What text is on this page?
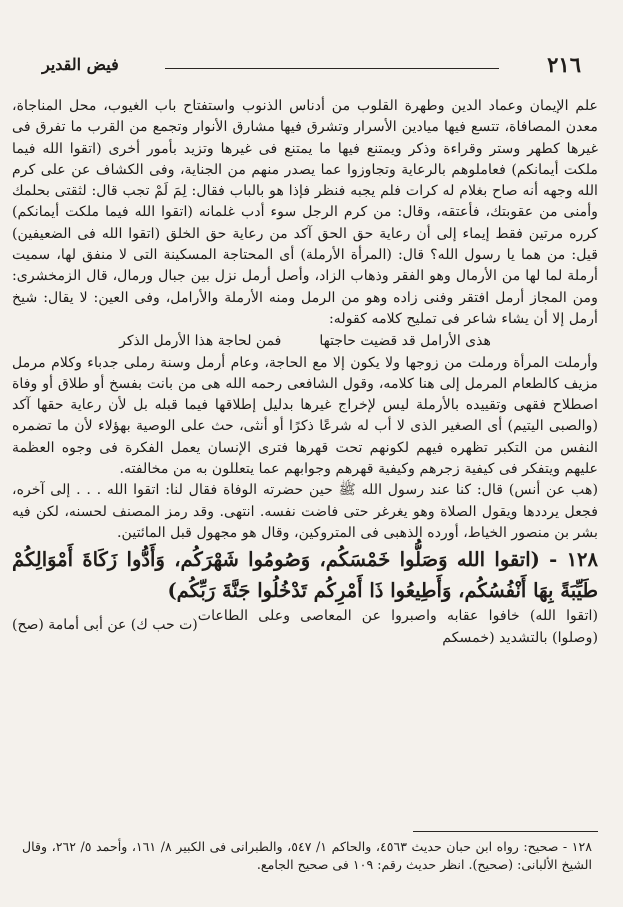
٢١٦
فيض القدير

علم الإيمان وعماد الدين وطهرة القلوب من أدناس الذنوب واستفتاح باب الغيوب، محل المناجاة، معدن المصافاة، تتسع فيها ميادين الأسرار وتشرق فيها مشارق الأنوار وتجمع من القرب ما تفرق فى غيرها كطهر وستر وقراءة وذكر ويمتنع فيها ما يمتنع فى غيرها وتزيد بأمور أخرى (اتقوا الله فيما ملكت أيمانكم) فعاملوهم بالرعاية وتجاوزوا عما يصدر منهم من الجناية، وفى الكشاف عن على كرم الله وجهه أنه صاح بغلام له كرات فلم يجبه فنظر فإذا هو بالباب فقال: لِمَ لَمْ تجب قال: لثقتى بحلمك وأمنى من عقوبتك، فأعتقه، وقال: من كرم الرجل سوء أدب غلمانه (اتقوا الله فيما ملكت أيمانكم) كرره مرتين فقط إيماء إلى أن رعاية حق الحق آكد من رعاية حق الخلق (اتقوا الله فى الضعيفين) قيل: من هما يا رسول الله؟ قال: (المرأة الأرملة) أى المحتاجة المسكينة التى لا منفق لها، سميت أرملة لما لها من الأرمال وهو الفقر وذهاب الزاد، وأصل أرمل نزل بين جبال ورمال، قال الزمخشرى: ومن المجاز أرمل افتقر وفنى زاده وهو من الرمل ومنه الأرملة والأرامل، وفى العين: لا يقال: شيخ أرمل إلا أن يشاء شاعر فى تمليح كلامه كقوله:

هذى الأرامل قد قضيت حاجتها
فمن لحاجة هذا الأرمل الذكر

وأرملت المرأة ورملت من زوجها ولا يكون إلا مع الحاجة، وعام أرمل وسنة رملى جدباء وكلام مرمل مزيف كالطعام المرمل إلى هنا كلامه، وقول الشافعى رحمه الله هى من بانت بفسخ أو طلاق أو وفاة اصطلاح فقهى وتقييده بالأرملة ليس لإخراج غيرها بدليل إطلاقها فيما قبله بل لأن رعاية حقها آكد (والصبى اليتيم) أى الصغير الذى لا أب له شرعًا ذكرًا أو أنثى، حث على الوصية بهؤلاء لأن ما تضمره النفس من التكبر تظهره فيهم لكونهم تحت قهرها فترى الإنسان يعمل الفكرة فى وجوه العظمة عليهم ويتفكر فى كيفية زجرهم وكيفية قهرهم وجوابهم عما يتعللون به من مخالفته.

(هب عن أنس) قال: كنا عند رسول الله ﷺ حين حضرته الوفاة فقال لنا: اتقوا الله . . . إلى آخره، فجعل يرددها ويقول الصلاة وهو يغرغر حتى فاضت نفسه. انتهى. وقد رمز المصنف لحسنه، لكن فيه بشر بن منصور الخياط، أورده الذهبى فى المتروكين، وقال هو مجهول قبل المائتين.

١٢٨ - (اتقوا الله وَصَلُّوا خَمْسَكُم، وَصُومُوا شَهْرَكُم، وَأَدُّوا زَكَاةَ أَمْوَالِكُمْ طَيِّبَةً بِهَا أَنْفُسُكُم، وَأَطِيعُوا ذَا أَمْرِكُم تَدْخُلُوا جَنَّةَ رَبِّكُم)
(ت حب ك) عن أبى أمامة (صح)

(اتقوا الله) خافوا عقابه واصبروا عن المعاصى وعلى الطاعات (وصلوا) بالتشديد (خمسكم

١٢٨ - صحيح: رواه ابن حبان حديث ٤٥٦٣، والحاكم ١/ ٥٤٧، والطبرانى فى الكبير ٨/ ١٦١، وأحمد ٥/ ٢٦٢، وقال الشيخ الألبانى: (صحيح). انظر حديث رقم: ١٠٩ فى صحيح الجامع.
